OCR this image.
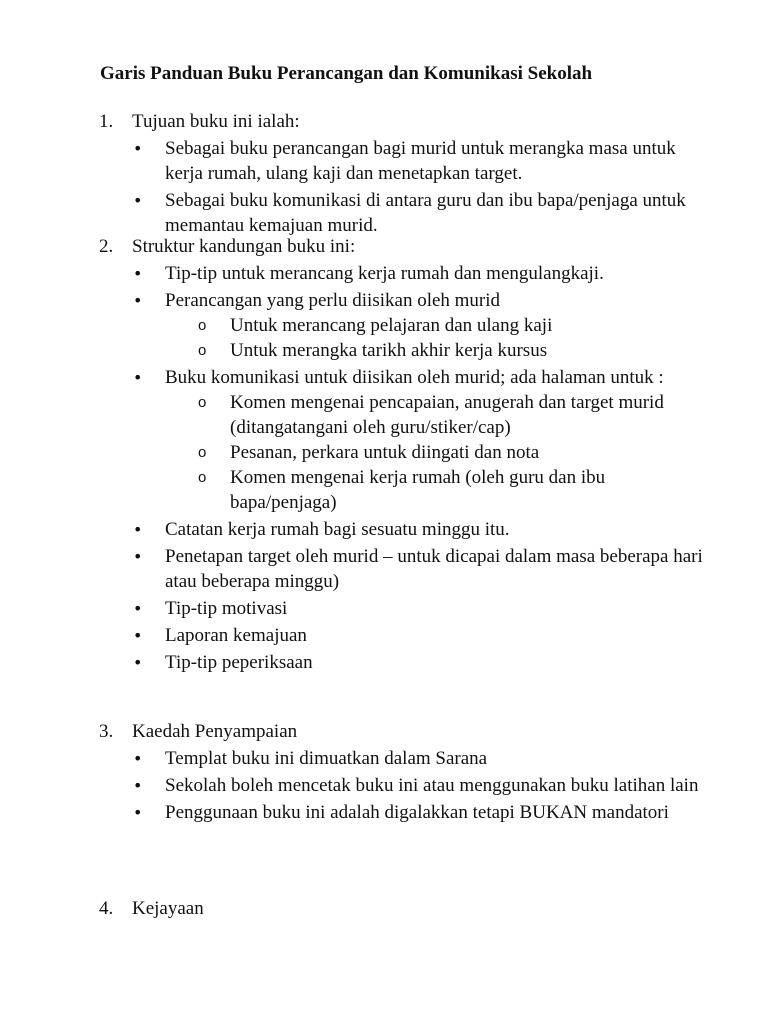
Garis Panduan Buku Perancangan dan Komunikasi Sekolah
1. Tujuan buku ini ialah:
• Sebagai buku perancangan bagi murid untuk merangka masa untuk kerja rumah, ulang kaji dan menetapkan target.
• Sebagai buku komunikasi di antara guru dan ibu bapa/penjaga untuk memantau kemajuan murid.
2. Struktur kandungan buku ini:
• Tip-tip untuk merancang kerja rumah dan mengulangkaji.
• Perancangan yang perlu diisikan oleh murid
o Untuk merancang pelajaran dan ulang kaji
o Untuk merangka tarikh akhir kerja kursus
• Buku komunikasi untuk diisikan oleh murid; ada halaman untuk :
o Komen mengenai pencapaian, anugerah dan target murid (ditangatangani oleh guru/stiker/cap)
o Pesanan, perkara untuk diingati dan nota
o Komen mengenai kerja rumah (oleh guru dan ibu bapa/penjaga)
• Catatan kerja rumah bagi sesuatu minggu itu.
• Penetapan target oleh murid – untuk dicapai dalam masa beberapa hari atau beberapa minggu)
• Tip-tip motivasi
• Laporan kemajuan
• Tip-tip peperiksaan
3. Kaedah Penyampaian
• Templat buku ini dimuatkan dalam Sarana
• Sekolah boleh mencetak buku ini atau menggunakan buku latihan lain
• Penggunaan buku ini adalah digalakkan tetapi BUKAN mandatori
4. Kejayaan
